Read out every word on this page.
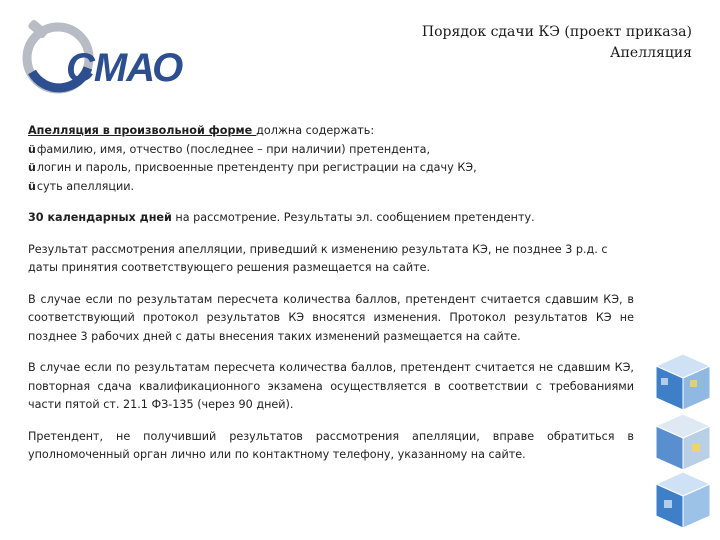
СМАО
Порядок сдачи КЭ (проект приказа)
Апелляция

Апелляция в произвольной форме должна содержать:

üфамилию, имя, отчество (последнее – при наличии) претендента,

üлогин и пароль, присвоенные претенденту при регистрации на сдачу КЭ,

üсуть апелляции.

30 календарных дней на рассмотрение. Результаты эл. сообщением претенденту.

Результат рассмотрения апелляции, приведший к изменению результата КЭ, не позднее 3 р.д. с даты принятия соответствующего решения размещается на сайте.

В случае если по результатам пересчета количества баллов, претендент считается сдавшим КЭ, в соответствующий протокол результатов КЭ вносятся изменения. Протокол результатов КЭ не позднее 3 рабочих дней с даты внесения таких изменений размещается на сайте.

В случае если по результатам пересчета количества баллов, претендент считается не сдавшим КЭ, повторная сдача квалификационного экзамена осуществляется в соответствии с требованиями части пятой ст. 21.1 ФЗ-135 (через 90 дней).

Претендент, не получивший результатов рассмотрения апелляции, вправе обратиться в уполномоченный орган лично или по контактному телефону, указанному на сайте.
